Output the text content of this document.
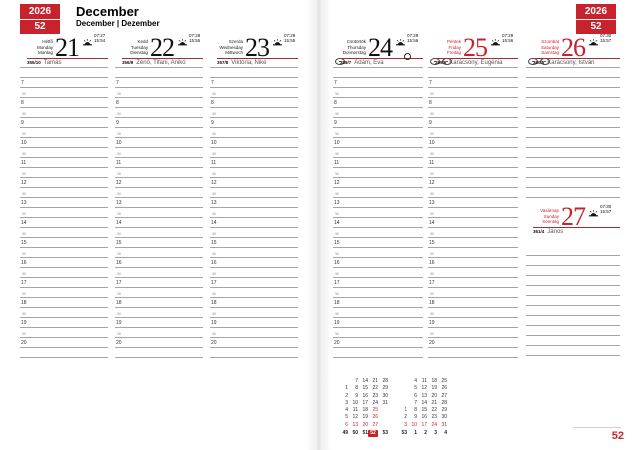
2026
52
December
December | Dezember
2026
52
Hétfő
Monday
Montag 21	07:27
15:54
355/10 Tamás
7
30
8
30
9
30
10
30
11
30
12
30
13
30
14
30
15
30
16
30
17
30
18
30
19
30
20
Kedd
Tuesday
Dienstag 22	07:28
15:55
356/9 Zénó, Tifani, Anikó
7
30
8
30
9
30
10
30
11
30
12
30
13
30
14
30
15
30
16
30
17
30
18
30
19
30
20
Szerda
Wednesday
Mittwoch 23	07:28
15:55
357/8 Viktória, Niké
7
30
8
30
9
30
10
30
11
30
12
30
13
30
14
30
15
30
16
30
17
30
18
30
19
30
20
Csütörtök
Thursday
Donnerstag 24	07:29
15:56
358/7 Ádám, Éva
7
30
8
30
9
30
10
30
11
30
12
30
13
30
14
30
15
30
16
30
17
30
18
30
19
30
20
Péntek
Friday
Freitag 25	07:29
15:56
359/6 Karácsony, Eugénia
7
30
8
30
9
30
10
30
11
30
12
30
13
30
14
30
15
30
16
30
17
30
18
30
19
30
20
Szombat
Saturday
Samstag 26	07:30
15:57
360/5 Karácsony, István
Vasárnap
Sunday
Sonntag 27	07:30
15:57
361/4 János
7 14 21 28
1	8 15 22 29
2	9 16 23 30
3 10 17 24 31
4 11 18 25
5 12 19 26
6 13 20 27
49 50 51 52	53
4 11 18 25
5 12 19 26
6 13 20 27
7 14 21 28
1	8 15 22 29
2	9 16 23 30
3 10 17 24 31
53	1	2	3	4	52
